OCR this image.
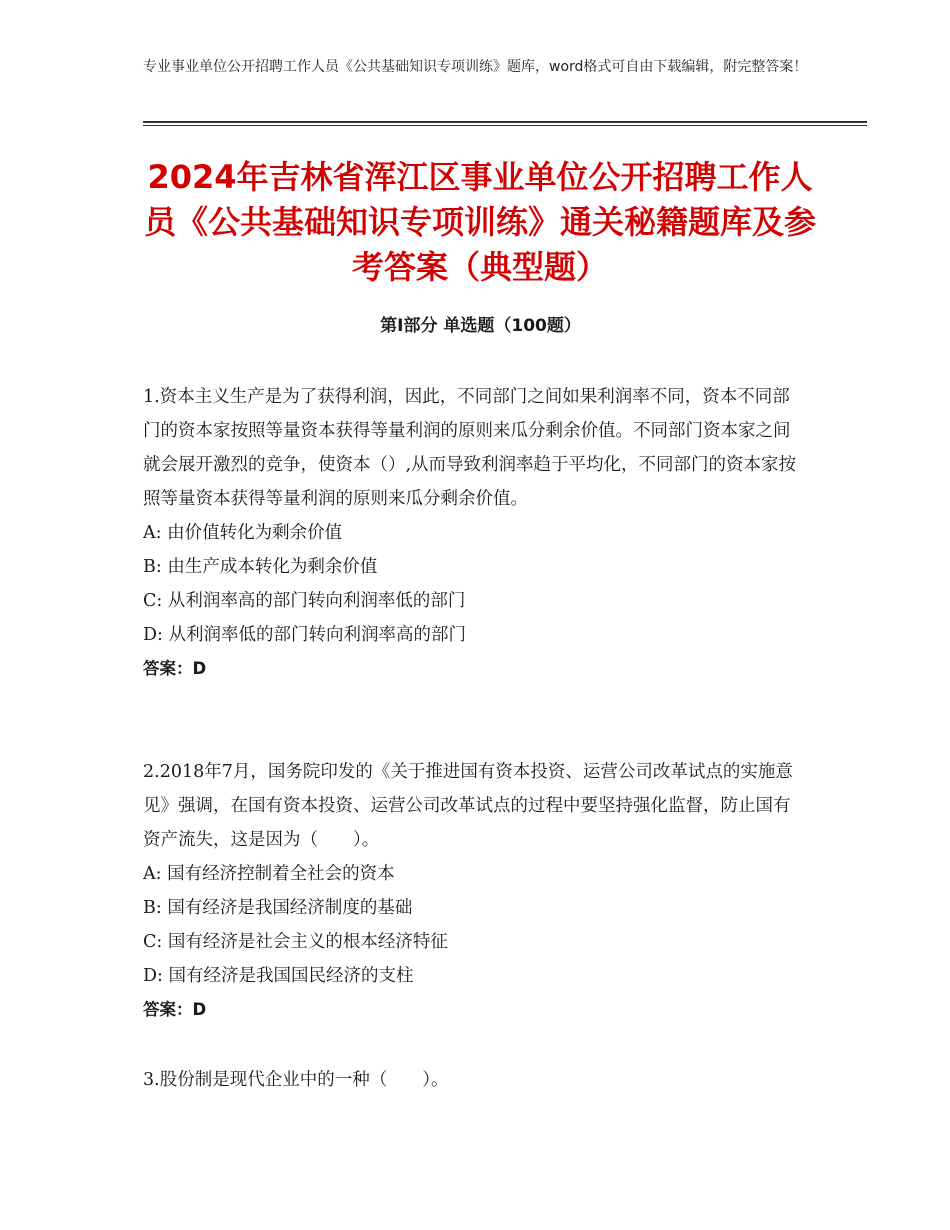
专业事业单位公开招聘工作人员《公共基础知识专项训练》题库，word格式可自由下载编辑，附完整答案！
2024年吉林省浑江区事业单位公开招聘工作人员《公共基础知识专项训练》通关秘籍题库及参考答案（典型题）
第Ⅰ部分 单选题（100题）

1.资本主义生产是为了获得利润，因此，不同部门之间如果利润率不同，资本不同部门的资本家按照等量资本获得等量利润的原则来瓜分剩余价值。不同部门资本家之间就会展开激烈的竞争，使资本（）,从而导致利润率趋于平均化，不同部门的资本家按照等量资本获得等量利润的原则来瓜分剩余价值。

A: 由价值转化为剩余价值

B: 由生产成本转化为剩余价值

C: 从利润率高的部门转向利润率低的部门

D: 从利润率低的部门转向利润率高的部门

答案：D

2.2018年7月，国务院印发的《关于推进国有资本投资、运营公司改革试点的实施意见》强调，在国有资本投资、运营公司改革试点的过程中要坚持强化监督，防止国有资产流失，这是因为（　　）。

A: 国有经济控制着全社会的资本

B: 国有经济是我国经济制度的基础

C: 国有经济是社会主义的根本经济特征

D: 国有经济是我国国民经济的支柱

答案：D

3.股份制是现代企业中的一种（　　）。
